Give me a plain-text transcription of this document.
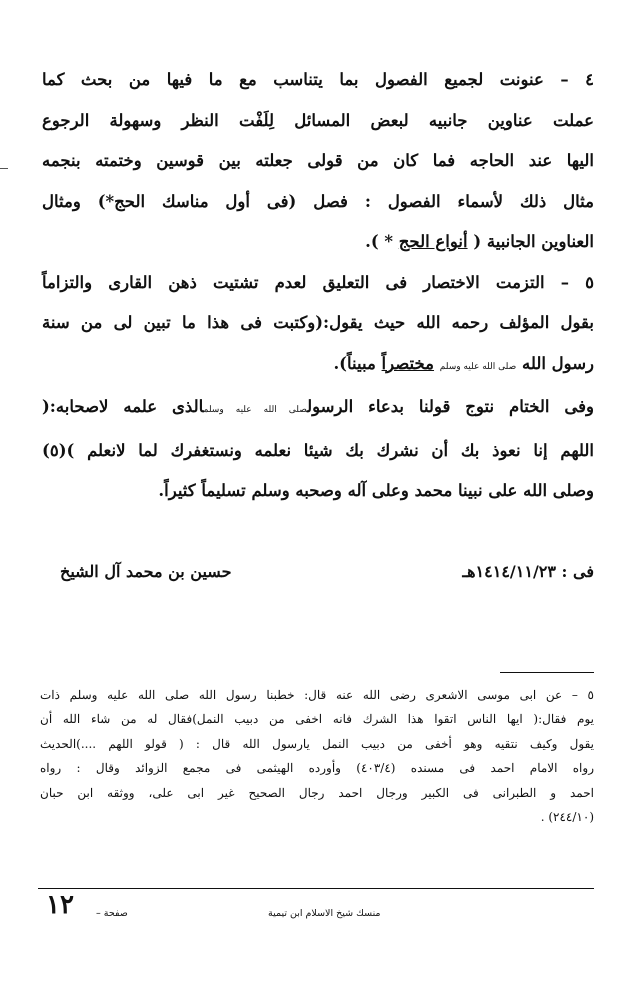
٤ – عنونت لجميع الفصول بما يتناسب مع ما فيها من بحث كما
عملت عناوين جانبيه لبعض المسائل لِلَفْت النظر وسهولة الرجوع
اليها عند الحاجه فما كان من قولى جعلته بين قوسين وختمته بنجمه
مثال ذلك لأسماء الفصول : فصل (فى أول مناسك الحج*) ومثال
العناوين الجانبية ( أنواع الحج * ).
٥ – التزمت الاختصار فى التعليق لعدم تشتيت ذهن القارى والتزاماً
بقول المؤلف رحمه الله حيث يقول:(وكتبت فى هذا ما تبين لى من سنة
رسول الله صلى الله عليه وسلم مختصراً مبيناً).
وفى الختام نتوج قولنا بدعاء الرسولصلى الله عليه وسلمالذى علمه لاصحابه:(
اللهم إنا نعوذ بك أن نشرك بك شيئا نعلمه ونستغفرك لما لانعلم )(٥)
وصلى الله على نبينا محمد وعلى آله وصحبه وسلم تسليماً كثيراً.
فى : ١٤١٤/١١/٢٣هـ
حسين بن محمد آل الشيخ
٥ – عن ابى موسى الاشعرى رضى الله عنه قال: خطبنا رسول الله صلى الله عليه وسلم ذات
يوم فقال:( ايها الناس اتقوا هذا الشرك فانه اخفى من دبيب النمل)فقال له من شاء الله أن
يقول وكيف نتقيه وهو أخفى من دبيب النمل يارسول الله قال : ( قولو اللهم ....)الحديث
رواه الامام احمد فى مسنده (٤٠٣/٤) وأورده الهيثمى فى مجمع الزوائد وقال : رواه
احمد و الطبرانى فى الكبير ورجال احمد رجال الصحيح غير ابى على، ووثقه ابن حبان
(٢٤٤/١٠) .
منسك شيخ الاسلام ابن تيمية
صفحة –
١٢
